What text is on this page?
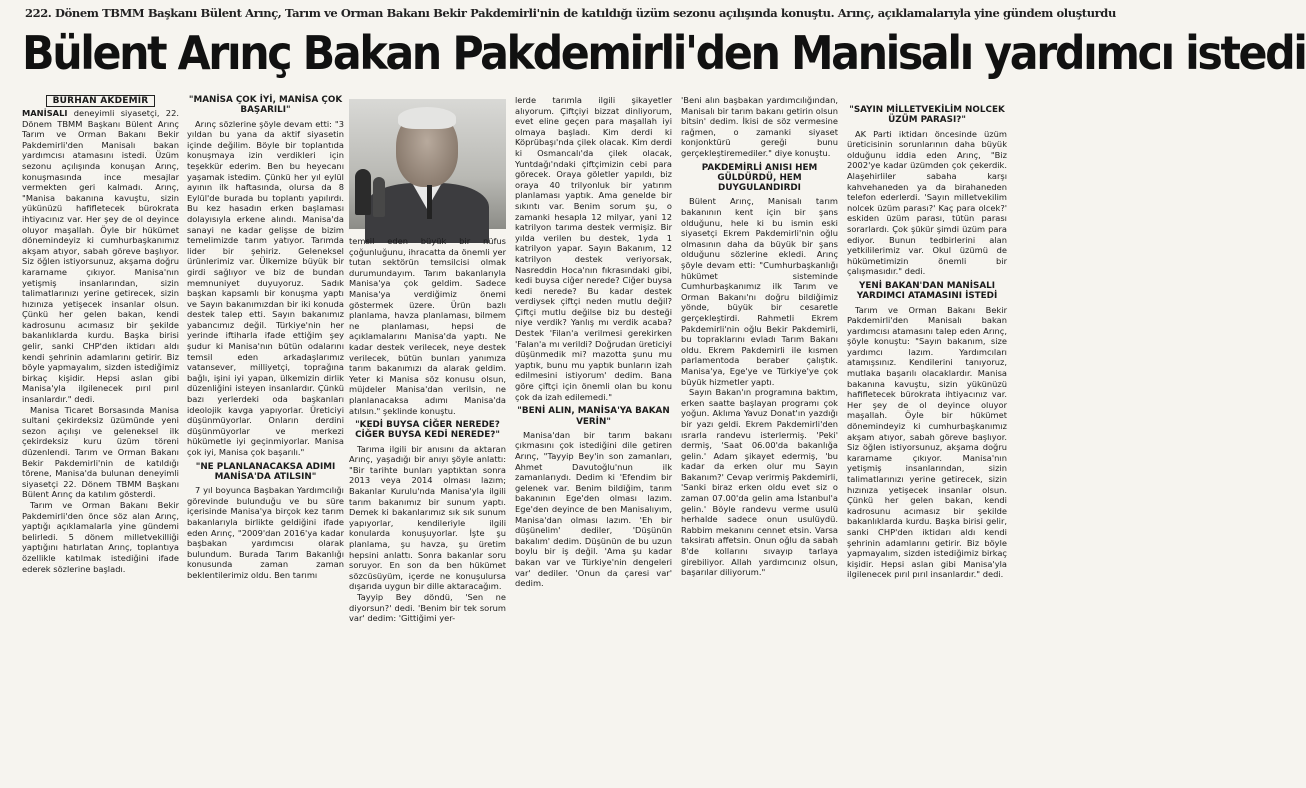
222. Dönem TBMM Başkanı Bülent Arınç, Tarım ve Orman Bakanı Bekir Pakdemirli'nin de katıldığı üzüm sezonu açılışında konuştu. Arınç, açıklamalarıyla yine gündem oluşturdu
Bülent Arınç Bakan Pakdemirli'den Manisalı yardımcı istedi
BURHAN AKDEMİR

MANİSALI deneyimli siyasetçi, 22. Dönem TBMM Başkanı Bülent Arınç Tarım ve Orman Bakanı Bekir Pakdemirli'den Manisalı bakan yardımcısı atamasını istedi. Üzüm sezonu açılışında konuşan Arınç, konuşmasında ince mesajlar vermekten geri kalmadı. Arınç, "Manisa bakanına kavuştu, sizin yükünüzü hafifletecek bürokrata ihtiyacınız var. Her şey de ol deyince oluyor maşallah. Öyle bir hükümet dönemindeyiz ki cumhurbaşkanımız akşam atıyor, sabah göreve başlıyor. Siz öğlen istiyorsunuz, akşama doğru kararname çıkıyor. Manisa'nın yetişmiş insanlarından, sizin talimatlarınızı yerine getirecek, sizin hızınıza yetişecek insanlar olsun. Çünkü her gelen bakan, kendi kadrosunu acımasız bir şekilde bakanlıklarda kurdu. Başka birisi gelir, sanki CHP'den iktidarı aldı kendi şehrinin adamlarını getirir. Biz böyle yapmayalım, sizden istediğimiz birkaç kişidir. Hepsi aslan gibi Manisa'yla ilgilenecek pırıl pırıl insanlardır." dedi.

Manisa Ticaret Borsasında Manisa sultani çekirdeksiz üzümünde yeni sezon açılışı ve geleneksel ilk çekirdeksiz kuru üzüm töreni düzenlendi. Tarım ve Orman Bakanı Bekir Pakdemirli'nin de katıldığı törene, Manisa'da bulunan deneyimli siyasetçi 22. Dönem TBMM Başkanı Bülent Arınç da katılım gösterdi.

Tarım ve Orman Bakanı Bekir Pakdemirli'den önce söz alan Arınç, yaptığı açıklamalarla yine gündemi belirledi. 5 dönem milletvekilliği yaptığını hatırlatan Arınç, toplantıya özellikle katılmak istediğini ifade ederek sözlerine başladı.

"MANİSA ÇOK İYİ, MANİSA ÇOK BAŞARILI"

Arınç sözlerine şöyle devam etti: "3 yıldan bu yana da aktif siyasetin içinde değilim. Böyle bir toplantıda konuşmaya izin verdikleri için teşekkür ederim. Ben bu heyecanı yaşamak istedim. Çünkü her yıl eylül ayının ilk haftasında, olursa da 8 Eylül'de burada bu toplantı yapılırdı. Bu kez hasadın erken başlaması dolayısıyla erkene alındı. Manisa'da sanayi ne kadar gelişse de bizim temelimizde tarım yatıyor. Tarımda lider bir şehiriz. Geleneksel ürünlerimiz var. Ülkemize büyük bir girdi sağlıyor ve biz de bundan memnuniyet duyuyoruz. Sadık başkan kapsamlı bir konuşma yaptı ve Sayın bakanımızdan bir iki konuda destek talep etti. Sayın bakanımız yabancımız değil. Türkiye'nin her yerinde iftiharla ifade ettiğim şey şudur ki Manisa'nın bütün odalarını temsil eden arkadaşlarımız vatansever, milliyetçi, toprağına bağlı, işini iyi yapan, ülkemizin dirlik düzenliğini isteyen insanlardır. Çünkü bazı yerlerdeki oda başkanları ideolojik kavga yapıyorlar. Üreticiyi düşünmüyorlar. Onların derdini düşünmüyorlar ve merkezi hükümetle iyi geçinmiyorlar. Manisa çok iyi, Manisa çok başarılı."

"NE PLANLANACAKSA ADIMI MANİSA'DA ATILSIN"

7 yıl boyunca Başbakan Yardımcılığı görevinde bulunduğu ve bu süre içerisinde Manisa'ya birçok kez tarım bakanlarıyla birlikte geldiğini ifade eden Arınç, "2009'dan 2016'ya kadar başbakan yardımcısı olarak bulundum. Burada Tarım Bakanlığı konusunda zaman zaman beklentilerimiz oldu. Ben tarımı

temsil eden büyük bir nüfus çoğunluğunu, ihracatta da önemli yer tutan sektörün temsilcisi olmak durumundayım. Tarım bakanlarıyla Manisa'ya çok geldim. Sadece Manisa'ya verdiğimiz önemi göstermek üzere. Ürün bazlı planlama, havza planlaması, bilmem ne planlaması, hepsi de açıklamalarını Manisa'da yaptı. Ne kadar destek verilecek, neye destek verilecek, bütün bunları yanımıza tarım bakanımızı da alarak geldim. Yeter ki Manisa söz konusu olsun, müjdeler Manisa'dan verilsin, ne planlanacaksa adımı Manisa'da atılsın." şeklinde konuştu.

"KEDİ BUYSA CİĞER NEREDE? CİĞER BUYSA KEDİ NEREDE?"

Tarıma ilgili bir anısını da aktaran Arınç, yaşadığı bir anıyı şöyle anlattı: "Bir tarihte bunları yaptıktan sonra 2013 veya 2014 olması lazım; Bakanlar Kurulu'nda Manisa'yla ilgili tarım bakanımız bir sunum yaptı. Demek ki bakanlarımız sık sık sunum yapıyorlar, kendileriyle ilgili konularda konuşuyorlar. İşte şu planlama, şu havza, şu üretim hepsini anlattı. Sonra bakanlar soru soruyor. En son da ben hükümet sözcüsüyüm, içerde ne konuşulursa dışarıda uygun bir dille aktaracağım.

Tayyip Bey döndü, 'Sen ne diyorsun?' dedi. 'Benim bir tek sorum var' dedim: 'Gittiğimi yer-

lerde tarımla ilgili şikayetler alıyorum. Çiftçiyi bizzat dinliyorum, evet eline geçen para maşallah iyi olmaya başladı. Kim derdi ki Köprübaşı'nda çilek olacak. Kim derdi ki Osmancalı'da çilek olacak, Yuntdağı'ndaki çiftçimizin cebi para görecek. Oraya göletler yapıldı, biz oraya 40 trilyonluk bir yatırım planlaması yaptık. Ama genelde bir sıkıntı var. Benim sorum şu, o zamanki hesapla 12 milyar, yani 12 katrilyon tarıma destek vermişiz. Bir yılda verilen bu destek, 1yda 1 katrilyon yapar. Sayın Bakanım, 12 katrilyon destek veriyorsak, Nasreddin Hoca'nın fıkrasındaki gibi, kedi buysa ciğer nerede? Ciğer buysa kedi nerede? Bu kadar destek verdiysek çiftçi neden mutlu değil? Çiftçi mutlu değilse biz bu desteği niye verdik? Yanlış mı verdik acaba? Destek 'Filan'a verilmesi gerekirken 'Falan'a mı verildi? Doğrudan üreticiyi düşünmedik mi? mazotta şunu mu yaptık, bunu mu yaptık bunların izah edilmesini istiyorum' dedim. Bana göre çiftçi için önemli olan bu konu çok da izah edilemedi."

"BENİ ALIN, MANİSA'YA BAKAN VERİN"

Manisa'dan bir tarım bakanı çıkmasını çok istediğini dile getiren Arınç, "Tayyip Bey'in son zamanları, Ahmet Davutoğlu'nun ilk zamanlarıydı. Dedim ki 'Efendim bir gelenek var. Benim bildiğim, tarım bakanının Ege'den olması lazım. Ege'den deyince de ben Manisalıyım, Manisa'dan olması lazım. 'Eh bir düşünelim' dediler, 'Düşünün bakalım' dedim. Düşünün de bu uzun boylu bir iş değil. 'Ama şu kadar bakan var ve Türkiye'nin dengeleri var' dediler. 'Onun da çaresi var' dedim.

'Beni alın başbakan yardımcılığından, Manisalı bir tarım bakanı getirin olsun bitsin' dedim. İkisi de söz vermesine rağmen, o zamanki siyaset konjonktürü gereği bunu gerçekleştiremediler." diye konuştu.

PAKDEMİRLİ ANISI HEM GÜLDÜRDÜ, HEM DUYGULANDIRDI

Bülent Arınç, Manisalı tarım bakanının kent için bir şans olduğunu, hele ki bu ismin eski siyasetçi Ekrem Pakdemirli'nin oğlu olmasının daha da büyük bir şans olduğunu sözlerine ekledi. Arınç şöyle devam etti: "Cumhurbaşkanlığı hükümet sisteminde Cumhurbaşkanımız ilk Tarım ve Orman Bakanı'nı doğru bildiğimiz yönde, büyük bir cesaretle gerçekleştirdi. Rahmetli Ekrem Pakdemirli'nin oğlu Bekir Pakdemirli, bu topraklarını evladı Tarım Bakanı oldu. Ekrem Pakdemirli ile kısmen parlamentoda beraber çalıştık. Manisa'ya, Ege'ye ve Türkiye'ye çok büyük hizmetler yaptı.

Sayın Bakan'ın programına baktım, erken saatte başlayan programı çok yoğun. Aklıma Yavuz Donat'ın yazdığı bir yazı geldi. Ekrem Pakdemirli'den ısrarla randevu isterlermiş. 'Peki' dermiş, 'Saat 06.00'da bakanlığa gelin.' Adam şikayet edermiş, 'bu kadar da erken olur mu Sayın Bakanım?' Cevap verirmiş Pakdemirli, 'Sanki biraz erken oldu evet siz o zaman 07.00'da gelin ama İstanbul'a gelin.' Böyle randevu verme usulü herhalde sadece onun usulüydü. Rabbim mekanını cennet etsin. Varsa taksiratı affetsin. Onun oğlu da sabah 8'de kollarını sıvayıp tarlaya girebiliyor. Allah yardımcınız olsun, başarılar diliyorum."

"SAYIN MİLLETVEKİLİM NOLCEK ÜZÜM PARASI?"

AK Parti iktidarı öncesinde üzüm üreticisinin sorunlarının daha büyük olduğunu iddia eden Arınç, "Biz 2002'ye kadar üzümden çok çekerdik. Alaşehirliler sabaha karşı kahvehaneden ya da birahaneden telefon ederlerdi. 'Sayın milletvekilim nolcek üzüm parası?' Kaç para olcek?' eskiden üzüm parası, tütün parası sorarlardı. Çok şükür şimdi üzüm para ediyor. Bunun tedbirlerini alan yetkililerimiz var. Okul üzümü de hükümetimizin önemli bir çalışmasıdır." dedi.

YENİ BAKAN'DAN MANİSALI YARDIMCI ATAMASINI İSTEDİ

Tarım ve Orman Bakanı Bekir Pakdemirli'den Manisalı bakan yardımcısı atamasını talep eden Arınç, şöyle konuştu: "Sayın bakanım, size yardımcı lazım. Yardımcıları atamışsınız. Kendilerini tanıyoruz, mutlaka başarılı olacaklardır. Manisa bakanına kavuştu, sizin yükünüzü hafifletecek bürokrata ihtiyacınız var. Her şey de ol deyince oluyor maşallah. Öyle bir hükümet dönemindeyiz ki cumhurbaşkanımız akşam atıyor, sabah göreve başlıyor. Siz öğlen istiyorsunuz, akşama doğru kararname çıkıyor. Manisa'nın yetişmiş insanlarından, sizin talimatlarınızı yerine getirecek, sizin hızınıza yetişecek insanlar olsun. Çünkü her gelen bakan, kendi kadrosunu acımasız bir şekilde bakanlıklarda kurdu. Başka birisi gelir, sanki CHP'den iktidarı aldı kendi şehrinin adamlarını getirir. Biz böyle yapmayalım, sizden istediğimiz birkaç kişidir. Hepsi aslan gibi Manisa'yla ilgilenecek pırıl pırıl insanlardır." dedi.
